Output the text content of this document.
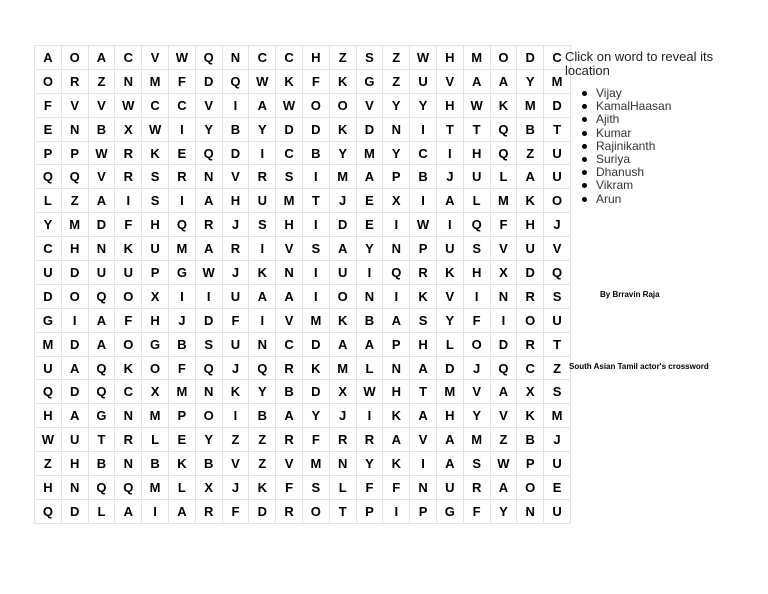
A	O	A	C	V	W	Q	N	C	C	H	Z	S	Z	W	H	M	O	D	C
O	R	Z	N	M	F	D	Q	W	K	F	K	G	Z	U	V	A	A	Y	M
F	V	V	W	C	C	V	I	A	W	O	O	V	Y	Y	H	W	K	M	D
E	N	B	X	W	I	Y	B	Y	D	D	K	D	N	I	T	T	Q	B	T
P	P	W	R	K	E	Q	D	I	C	B	Y	M	Y	C	I	H	Q	Z	U
Q	Q	V	R	S	R	N	V	R	S	I	M	A	P	B	J	U	L	A	U
L	Z	A	I	S	I	A	H	U	M	T	J	E	X	I	A	L	M	K	O
Y	M	D	F	H	Q	R	J	S	H	I	D	E	I	W	I	Q	F	H	J
C	H	N	K	U	M	A	R	I	V	S	A	Y	N	P	U	S	V	U	V
U	D	U	U	P	G	W	J	K	N	I	U	I	Q	R	K	H	X	D	Q
D	O	Q	O	X	I	I	U	A	A	I	O	N	I	K	V	I	N	R	S
G	I	A	F	H	J	D	F	I	V	M	K	B	A	S	Y	F	I	O	U
M	D	A	O	G	B	S	U	N	C	D	A	A	P	H	L	O	D	R	T
U	A	Q	K	O	F	Q	J	Q	R	K	M	L	N	A	D	J	Q	C	Z
Q	D	Q	C	X	M	N	K	Y	B	D	X	W	H	T	M	V	A	X	S
H	A	G	N	M	P	O	I	B	A	Y	J	I	K	A	H	Y	V	K	M
W	U	T	R	L	E	Y	Z	Z	R	F	R	R	A	V	A	M	Z	B	J
Z	H	B	N	B	K	B	V	Z	V	M	N	Y	K	I	A	S	W	P	U
H	N	Q	Q	M	L	X	J	K	F	S	L	F	F	N	U	R	A	O	E
Q	D	L	A	I	A	R	F	D	R	O	T	P	I	P	G	F	Y	N	U
Click on word to reveal its location
Vijay
KamalHaasan
Ajith
Kumar
Rajinikanth
Suriya
Dhanush
Vikram
Arun
By Brravin Raja
South Asian Tamil actor's crossword
